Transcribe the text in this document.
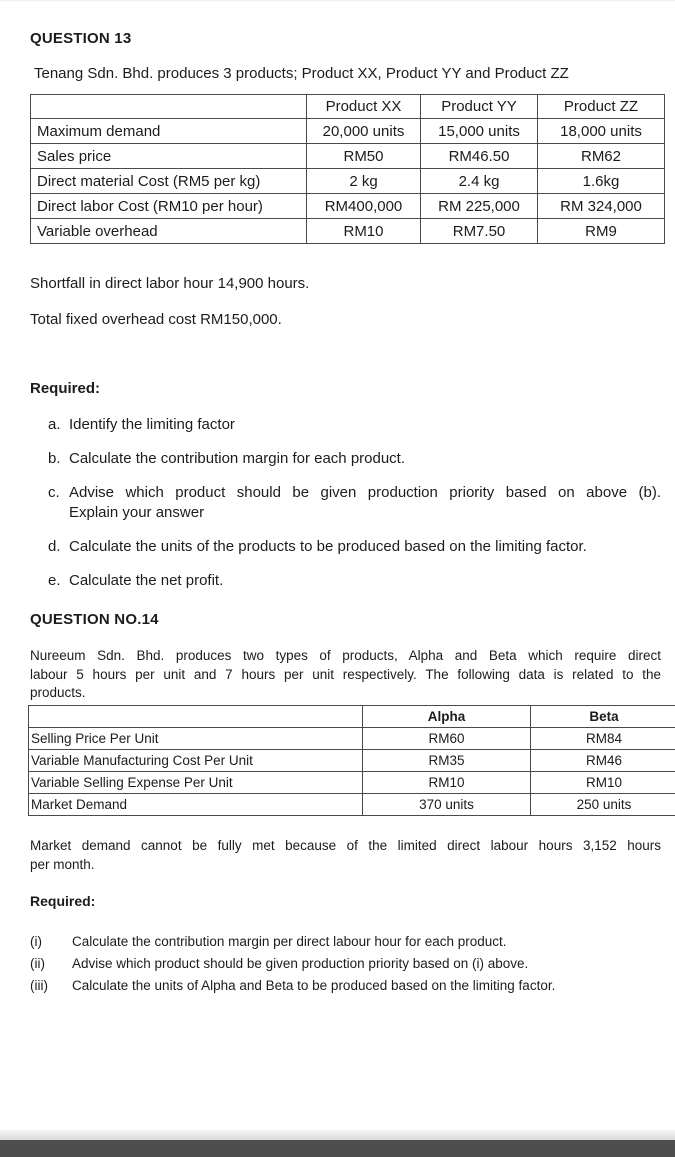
QUESTION 13
Tenang Sdn. Bhd. produces 3 products; Product XX, Product YY and Product ZZ
	Product XX	Product YY	Product ZZ
Maximum demand	20,000 units	15,000 units	18,000 units
Sales price	RM50	RM46.50	RM62
Direct material Cost (RM5 per kg)	2 kg	2.4 kg	1.6kg
Direct labor Cost (RM10 per hour)	RM400,000	RM 225,000	RM 324,000
Variable overhead	RM10	RM7.50	RM9
Shortfall in direct labor hour 14,900 hours.
Total fixed overhead cost RM150,000.
Required:
a. Identify the limiting factor
b. Calculate the contribution margin for each product.
c. Advise which product should be given production priority based on above (b).
Explain your answer
d. Calculate the units of the products to be produced based on the limiting factor.
e. Calculate the net profit.
QUESTION NO.14
Nureeum Sdn. Bhd. produces two types of products, Alpha and Beta which require direct
labour 5 hours per unit and 7 hours per unit respectively. The following data is related to the
products.
	Alpha	Beta
Selling Price Per Unit	RM60	RM84
Variable Manufacturing Cost Per Unit	RM35	RM46
Variable Selling Expense Per Unit	RM10	RM10
Market Demand	370 units	250 units
Market demand cannot be fully met because of the limited direct labour hours 3,152 hours
per month.
Required:
(i)	Calculate the contribution margin per direct labour hour for each product.
(ii)	Advise which product should be given production priority based on (i) above.
(iii)	Calculate the units of Alpha and Beta to be produced based on the limiting factor.
